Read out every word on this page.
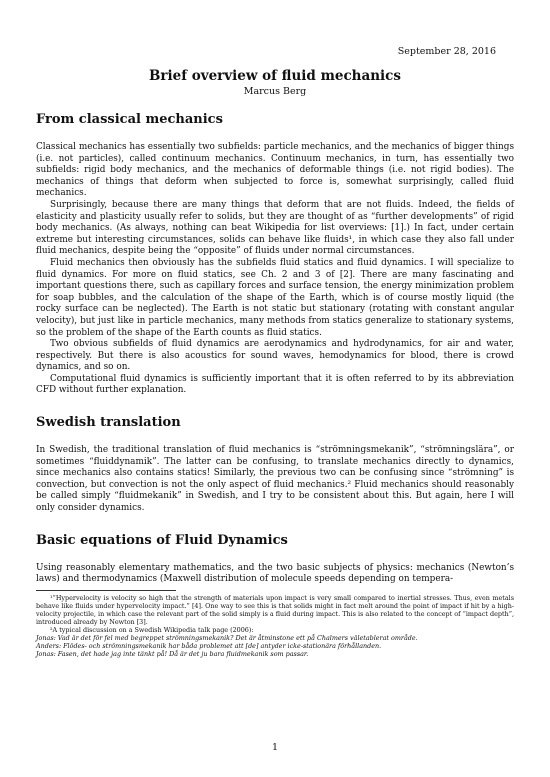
September 28, 2016
Brief overview of fluid mechanics
Marcus Berg
From classical mechanics

Classical mechanics has essentially two subfields: particle mechanics, and the mechanics of bigger things (i.e. not particles), called continuum mechanics. Continuum mechanics, in turn, has essentially two subfields: rigid body mechanics, and the mechanics of deformable things (i.e. not rigid bodies). The mechanics of things that deform when subjected to force is, somewhat surprisingly, called fluid mechanics.

Surprisingly, because there are many things that deform that are not fluids. Indeed, the fields of elasticity and plasticity usually refer to solids, but they are thought of as “further developments” of rigid body mechanics. (As always, nothing can beat Wikipedia for list overviews: [1].) In fact, under certain extreme but interesting circumstances, solids can behave like fluids¹, in which case they also fall under fluid mechanics, despite being the “opposite” of fluids under normal circumstances.

Fluid mechanics then obviously has the subfields fluid statics and fluid dynamics. I will specialize to fluid dynamics. For more on fluid statics, see Ch. 2 and 3 of [2]. There are many fascinating and important questions there, such as capillary forces and surface tension, the energy minimization problem for soap bubbles, and the calculation of the shape of the Earth, which is of course mostly liquid (the rocky surface can be neglected). The Earth is not static but stationary (rotating with constant angular velocity), but just like in particle mechanics, many methods from statics generalize to stationary systems, so the problem of the shape of the Earth counts as fluid statics.

Two obvious subfields of fluid dynamics are aerodynamics and hydrodynamics, for air and water, respectively. But there is also acoustics for sound waves, hemodynamics for blood, there is crowd dynamics, and so on.

Computational fluid dynamics is sufficiently important that it is often referred to by its abbreviation CFD without further explanation.

Swedish translation

In Swedish, the traditional translation of fluid mechanics is “strömningsmekanik”, “strömningslära”, or sometimes “fluiddynamik”. The latter can be confusing, to translate mechanics directly to dynamics, since mechanics also contains statics! Similarly, the previous two can be confusing since “strömning” is convection, but convection is not the only aspect of fluid mechanics.² Fluid mechanics should reasonably be called simply “fluidmekanik” in Swedish, and I try to be consistent about this. But again, here I will only consider dynamics.

Basic equations of Fluid Dynamics

Using reasonably elementary mathematics, and the two basic subjects of physics: mechanics (Newton’s laws) and thermodynamics (Maxwell distribution of molecule speeds depending on tempera-

¹“Hypervelocity is velocity so high that the strength of materials upon impact is very small compared to inertial stresses. Thus, even metals behave like fluids under hypervelocity impact.” [4]. One way to see this is that solids might in fact melt around the point of impact if hit by a high-velocity projectile, in which case the relevant part of the solid simply is a fluid during impact. This is also related to the concept of “impact depth”, introduced already by Newton [3].

²A typical discussion on a Swedish Wikipedia talk page (2006):

Jonas: Vad är det för fel med begreppet strömningsmekanik? Det är åtminstone ett på Chalmers väletablerat område.

Anders: Flödes- och strömningsmekanik har båda problemet att [de] antyder icke-stationära förhållanden.

Jonas: Fasen, det hade jag inte tänkt på! Då är det ju bara fluidmekanik som passar.

1
